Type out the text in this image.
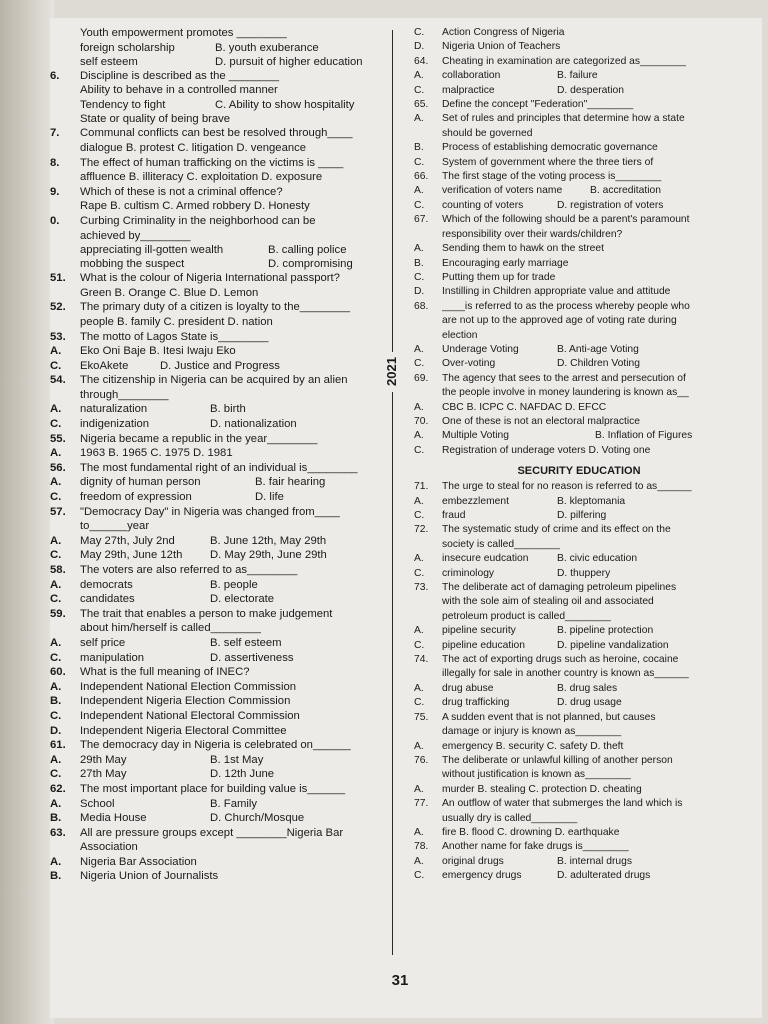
Youth empowerment promotes ________
foreign scholarship	B. youth exuberance
self esteem	D. pursuit of higher education
6.	Discipline is described as the ________
Ability to behave in a controlled manner
Tendency to fight	C. Ability to show hospitality
State or quality of being brave
7.	Communal conflicts can best be resolved through____
dialogue B. protest C. litigation D. vengeance
8.	The effect of human trafficking on the victims is ____
affluence B. illiteracy C. exploitation D. exposure
9.	Which of these is not a criminal offence?
Rape B. cultism C. Armed robbery D. Honesty
0.	Curbing Criminality in the neighborhood can be
achieved by________
appreciating ill-gotten wealth	B. calling police
mobbing the suspect	D. compromising
51.	What is the colour of Nigeria International passport?
Green B. Orange C. Blue D. Lemon
52.	The primary duty of a citizen is loyalty to the________
people B. family C. president D. nation
53.	The motto of Lagos State is________
A.	Eko Oni Baje B. Itesi Iwaju Eko
C.	EkoAkete	D. Justice and Progress
54.	The citizenship in Nigeria can be acquired by an alien
through________
A.	naturalization	B. birth
C.	indigenization	D. nationalization
55.	Nigeria became a republic in the year________
A.	1963 B. 1965 C. 1975 D. 1981
56.	The most fundamental right of an individual is________
A.	dignity of human person	B. fair hearing
C.	freedom of expression	D. life
57.	"Democracy Day" in Nigeria was changed from____
to______year
A.	May 27th, July 2nd	B. June 12th, May 29th
C.	May 29th, June 12th D. May 29th, June 29th
58.	The voters are also referred to as________
A.	democrats	B. people
C.	candidates	D. electorate
59.	The trait that enables a person to make judgement
about him/herself is called________
A.	self price	B. self esteem
C.	manipulation	D. assertiveness
60.	What is the full meaning of INEC?
A.	Independent National Election Commission
B.	Independent Nigeria Election Commission
C.	Independent National Electoral Commission
D.	Independent Nigeria Electoral Committee
61.	The democracy day in Nigeria is celebrated on______
A.	29th May	B. 1st May
C.	27th May	D. 12th June
62.	The most important place for building value is______
A.	School	B. Family
B.	Media House	D. Church/Mosque
63.	All are pressure groups except ________Nigeria Bar
Association
A.	Nigeria Bar Association
B.	Nigeria Union of Journalists
2021
C.	Action Congress of Nigeria
D.	Nigeria Union of Teachers
64.	Cheating in examination are categorized as________
A.	collaboration	B. failure
C.	malpractice	D. desperation
65.	Define the concept "Federation"________
A.	Set of rules and principles that determine how a state
should be governed
B.	Process of establishing democratic governance
C.	System of government where the three tiers of
66.	The first stage of the voting process is________
A.	verification of voters name	B. accreditation
C.	counting of voters	D. registration of voters
67.	Which of the following should be a parent's paramount
responsibility over their wards/children?
A.	Sending them to hawk on the street
B.	Encouraging early marriage
C.	Putting them up for trade
D.	Instilling in Children appropriate value and attitude
68.	____is referred to as the process whereby people who
are not up to the approved age of voting rate during
election
A.	Underage Voting	B. Anti-age Voting
C.	Over-voting	D. Children Voting
69.	The agency that sees to the arrest and persecution of
the people involve in money laundering is known as__
A.	CBC B. ICPC C. NAFDAC D. EFCC
70.	One of these is not an electoral malpractice
A.	Multiple Voting	B. Inflation of Figures
C.	Registration of underage voters D. Voting one
SECURITY EDUCATION
71.	The urge to steal for no reason is referred to as______
A.	embezzlement	B. kleptomania
C.	fraud	D. pilfering
72.	The systematic study of crime and its effect on the
society is called________
A.	insecure eudcation	B. civic education
C.	criminology	D. thuppery
73.	The deliberate act of damaging petroleum pipelines
with the sole aim of stealing oil and associated
petroleum product is called________
A.	pipeline security	B. pipeline protection
C.	pipeline education	D. pipeline vandalization
74.	The act of exporting drugs such as heroine, cocaine
illegally for sale in another country is known as______
A.	drug abuse	B. drug sales
C.	drug trafficking	D. drug usage
75.	A sudden event that is not planned, but causes
damage or injury is known as________
A.	emergency B. security C. safety D. theft
76.	The deliberate or unlawful killing of another person
without justification is known as________
A.	murder B. stealing C. protection D. cheating
77.	An outflow of water that submerges the land which is
usually dry is called________
A.	fire B. flood C. drowning D. earthquake
78.	Another name for fake drugs is________
A.	original drugs	B. internal drugs
C.	emergency drugs	D. adulterated drugs
31
